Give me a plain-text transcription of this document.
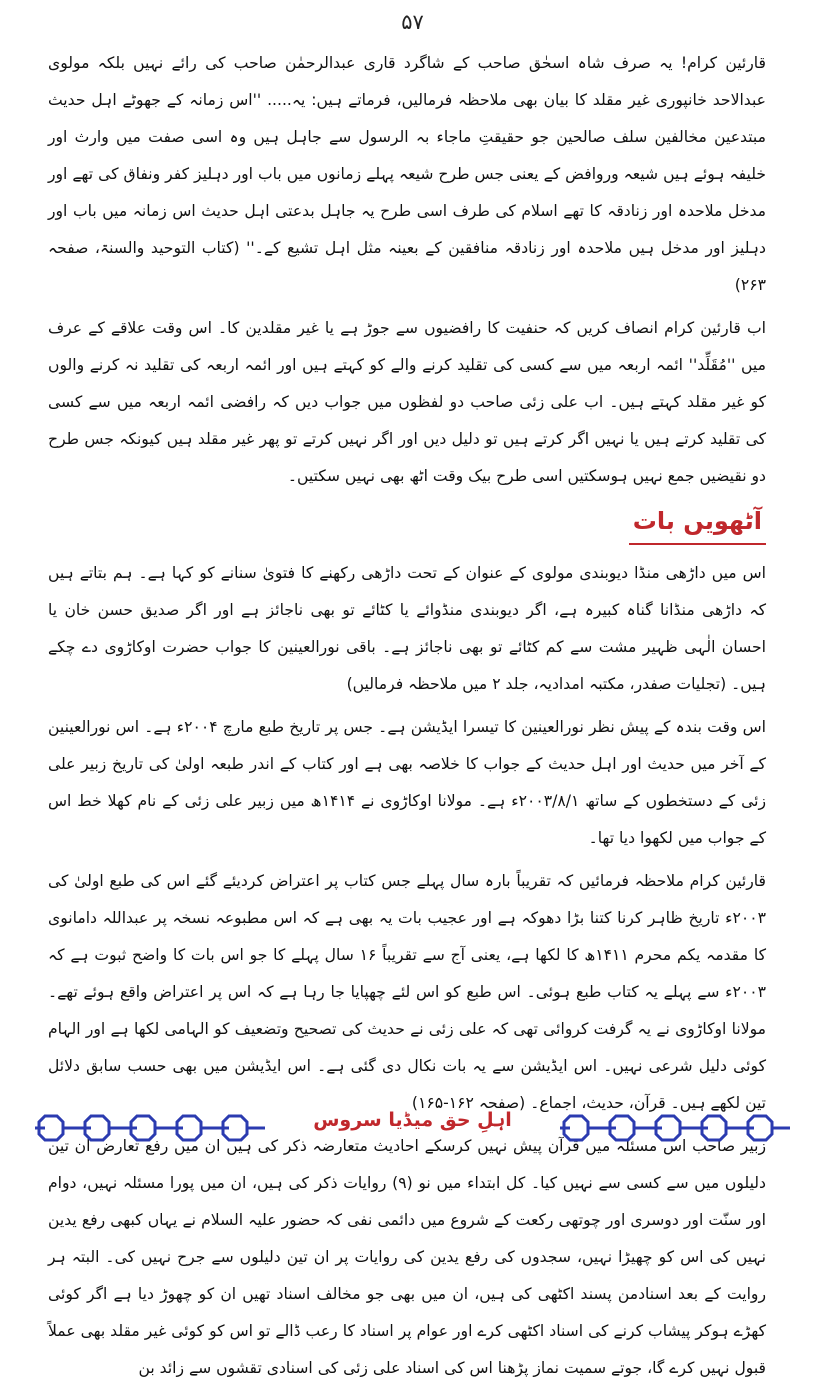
۵۷

قارئین کرام! یہ صرف شاہ اسحٰق صاحب کے شاگرد قاری عبدالرحمٰن صاحب کی رائے نہیں بلکہ مولوی عبدالاحد خانپوری غیر مقلد کا بیان بھی ملاحظہ فرمالیں، فرماتے ہیں: یہ..... ''اس زمانہ کے جھوٹے اہل حدیث مبتدعین مخالفین سلف صالحین جو حقیقتِ ماجاء بہ الرسول سے جاہل ہیں وہ اسی صفت میں وارث اور خلیفہ ہوئے ہیں شیعہ وروافض کے یعنی جس طرح شیعہ پہلے زمانوں میں باب اور دہلیز کفر ونفاق کی تھے اور مدخل ملاحدہ اور زنادقہ کا تھے اسلام کی طرف اسی طرح یہ جاہل بدعتی اہل حدیث اس زمانہ میں باب اور دہلیز اور مدخل ہیں ملاحدہ اور زنادقہ منافقین کے بعینہ مثل اہل تشیع کے۔'' (کتاب التوحید والسنۃ، صفحہ ۲۶۳)

اب قارئین کرام انصاف کریں کہ حنفیت کا رافضیوں سے جوڑ ہے یا غیر مقلدین کا۔ اس وقت علاقے کے عرف میں ''مُقَلِّد'' ائمہ اربعہ میں سے کسی کی تقلید کرنے والے کو کہتے ہیں اور ائمہ اربعہ کی تقلید نہ کرنے والوں کو غیر مقلد کہتے ہیں۔ اب علی زئی صاحب دو لفظوں میں جواب دیں کہ رافضی ائمہ اربعہ میں سے کسی کی تقلید کرتے ہیں یا نہیں اگر کرتے ہیں تو دلیل دیں اور اگر نہیں کرتے تو پھر غیر مقلد ہیں کیونکہ جس طرح دو نقیضیں جمع نہیں ہوسکتیں اسی طرح بیک وقت اٹھ بھی نہیں سکتیں۔

آٹھویں بات

اس میں داڑھی منڈا دیوبندی مولوی کے عنوان کے تحت داڑھی رکھنے کا فتویٰ سنانے کو کہا ہے۔ ہم بتاتے ہیں کہ داڑھی منڈانا گناہ کبیرہ ہے، اگر دیوبندی منڈوائے یا کٹائے تو بھی ناجائز ہے اور اگر صدیق حسن خان یا احسان الٰہی ظہیر مشت سے کم کٹائے تو بھی ناجائز ہے۔ باقی نورالعینین کا جواب حضرت اوکاڑوی دے چکے ہیں۔ (تجلیات صفدر، مکتبہ امدادیہ، جلد ۲ میں ملاحظہ فرمالیں)

اس وقت بندہ کے پیش نظر نورالعینین کا تیسرا ایڈیشن ہے۔ جس پر تاریخ طبع مارچ ۲۰۰۴ء ہے۔ اس نورالعینین کے آخر میں حدیث اور اہل حدیث کے جواب کا خلاصہ بھی ہے اور کتاب کے اندر طبعہ اولیٰ کی تاریخ زبیر علی زئی کے دستخطوں کے ساتھ ۲۰۰۳/۸/۱ء ہے۔ مولانا اوکاڑوی نے ۱۴۱۴ھ میں زبیر علی زئی کے نام کھلا خط اس کے جواب میں لکھوا دیا تھا۔

قارئین کرام ملاحظہ فرمائیں کہ تقریباً بارہ سال پہلے جس کتاب پر اعتراض کردیئے گئے اس کی طبع اولیٰ کی ۲۰۰۳ء تاریخ ظاہر کرنا کتنا بڑا دھوکہ ہے اور عجیب بات یہ بھی ہے کہ اس مطبوعہ نسخہ پر عبداللہ دامانوی کا مقدمہ یکم محرم ۱۴۱۱ھ کا لکھا ہے، یعنی آج سے تقریباً ۱۶ سال پہلے کا جو اس بات کا واضح ثبوت ہے کہ ۲۰۰۳ء سے پہلے یہ کتاب طبع ہوئی۔ اس طبع کو اس لئے چھپایا جا رہا ہے کہ اس پر اعتراض واقع ہوئے تھے۔ مولانا اوکاڑوی نے یہ گرفت کروائی تھی کہ علی زئی نے حدیث کی تصحیح وتضعیف کو الہامی لکھا ہے اور الہام کوئی دلیل شرعی نہیں۔ اس ایڈیشن سے یہ بات نکال دی گئی ہے۔ اس ایڈیشن میں بھی حسب سابق دلائل تین لکھے ہیں۔ قرآن، حدیث، اجماع۔ (صفحہ ۱۶۲-۱۶۵)

زبیر صاحب اس مسئلہ میں قرآن پیش نہیں کرسکے احادیث متعارضہ ذکر کی ہیں ان میں رفع تعارض ان تین دلیلوں میں سے کسی سے نہیں کیا۔ کل ابتداء میں نو (۹) روایات ذکر کی ہیں، ان میں پورا مسئلہ نہیں، دوام اور سنّت اور دوسری اور چوتھی رکعت کے شروع میں دائمی نفی کہ حضور علیہ السلام نے یہاں کبھی رفع یدین نہیں کی اس کو چھیڑا نہیں، سجدوں کی رفع یدین کی روایات پر ان تین دلیلوں سے جرح نہیں کی۔ البتہ ہر روایت کے بعد اسنادمن پسند اکٹھی کی ہیں، ان میں بھی جو مخالف اسناد تھیں ان کو چھوڑ دیا ہے اگر کوئی کھڑے ہوکر پیشاب کرنے کی اسناد اکٹھی کرے اور عوام پر اسناد کا رعب ڈالے تو اس کو کوئی غیر مقلد بھی عملاً قبول نہیں کرے گا، جوتے سمیت نماز پڑھنا اس کی اسناد علی زئی کی اسنادی تقشوں سے زائد بن

اہلِ حق میڈیا سروس
